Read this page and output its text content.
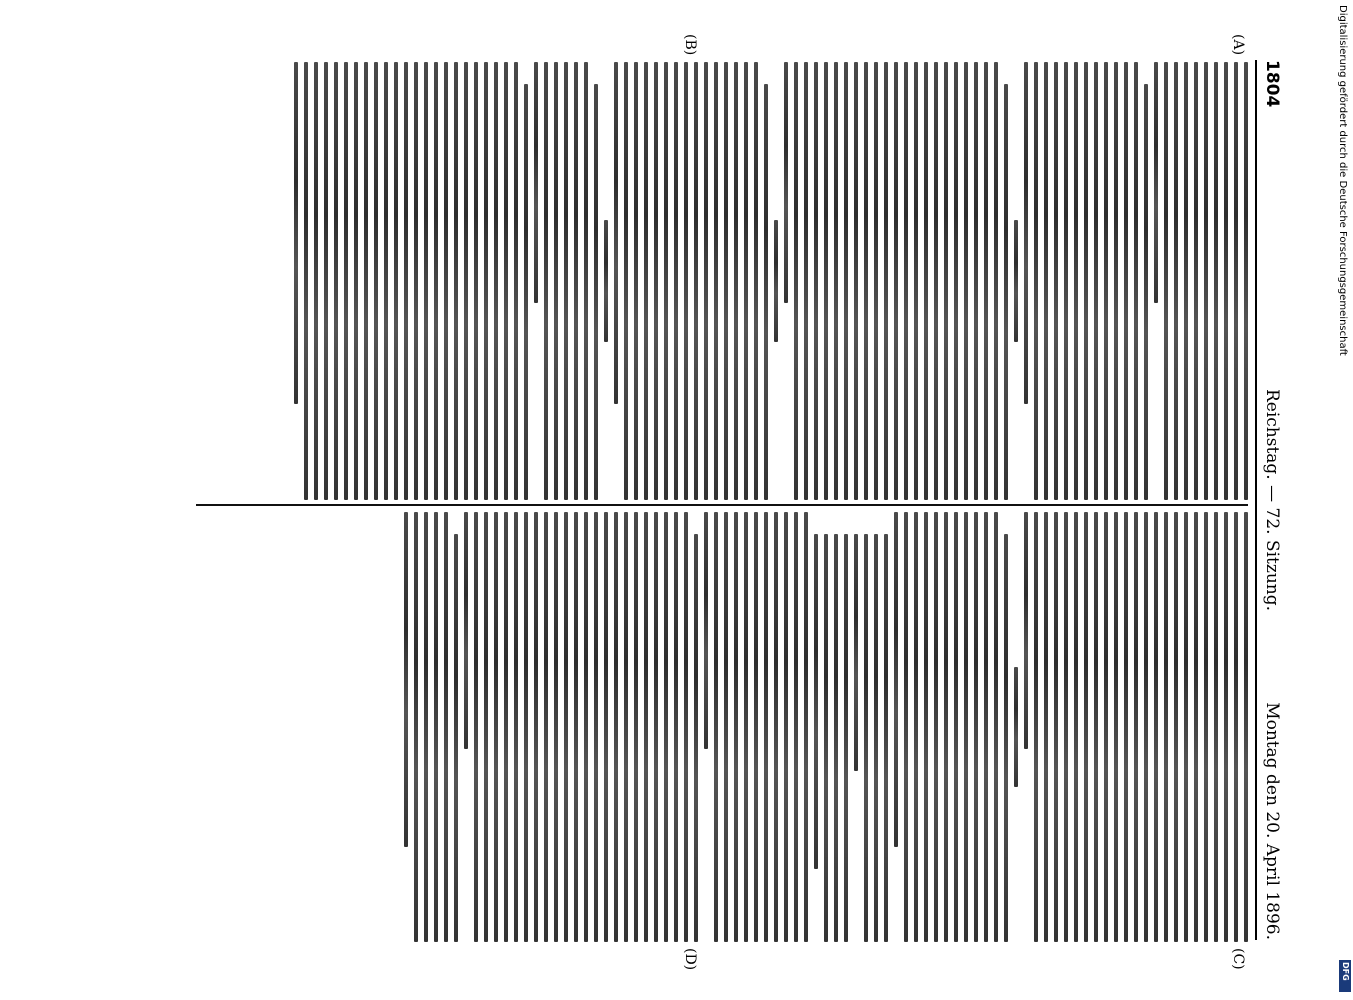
1804
Reichstag. — 72. Sitzung.
Montag den 20. April 1896.
(A)
(B)
(C)
(D)
Digitalisierung gefördert durch die Deutsche Forschungsgemeinschaft
DFG
